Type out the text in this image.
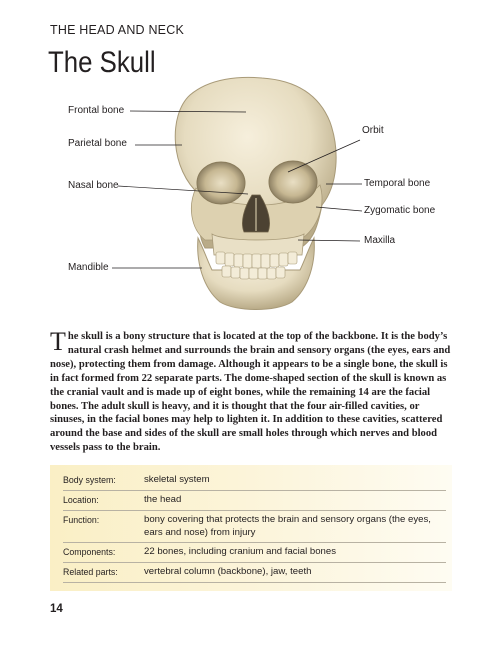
THE HEAD AND NECK
The Skull
Frontal bone
Parietal bone
Nasal bone
Mandible
Orbit
Temporal bone
Zygomatic bone
Maxilla
The skull is a bony structure that is located at the top of the backbone. It is the body’s natural crash helmet and surrounds the brain and sensory organs (the eyes, ears and nose), protecting them from damage. Although it appears to be a single bone, the skull is in fact formed from 22 separate parts. The dome-shaped section of the skull is known as the cranial vault and is made up of eight bones, while the remaining 14 are the facial bones. The adult skull is heavy, and it is thought that the four air-filled cavities, or sinuses, in the facial bones may help to lighten it. In addition to these cavities, scattered around the base and sides of the skull are small holes through which nerves and blood vessels pass to the brain.
Body system:	skeletal system
Location:	the head
Function:	bony covering that protects the brain and sensory organs (the eyes, ears and nose) from injury
Components:	22 bones, including cranium and facial bones
Related parts:	vertebral column (backbone), jaw, teeth
14
